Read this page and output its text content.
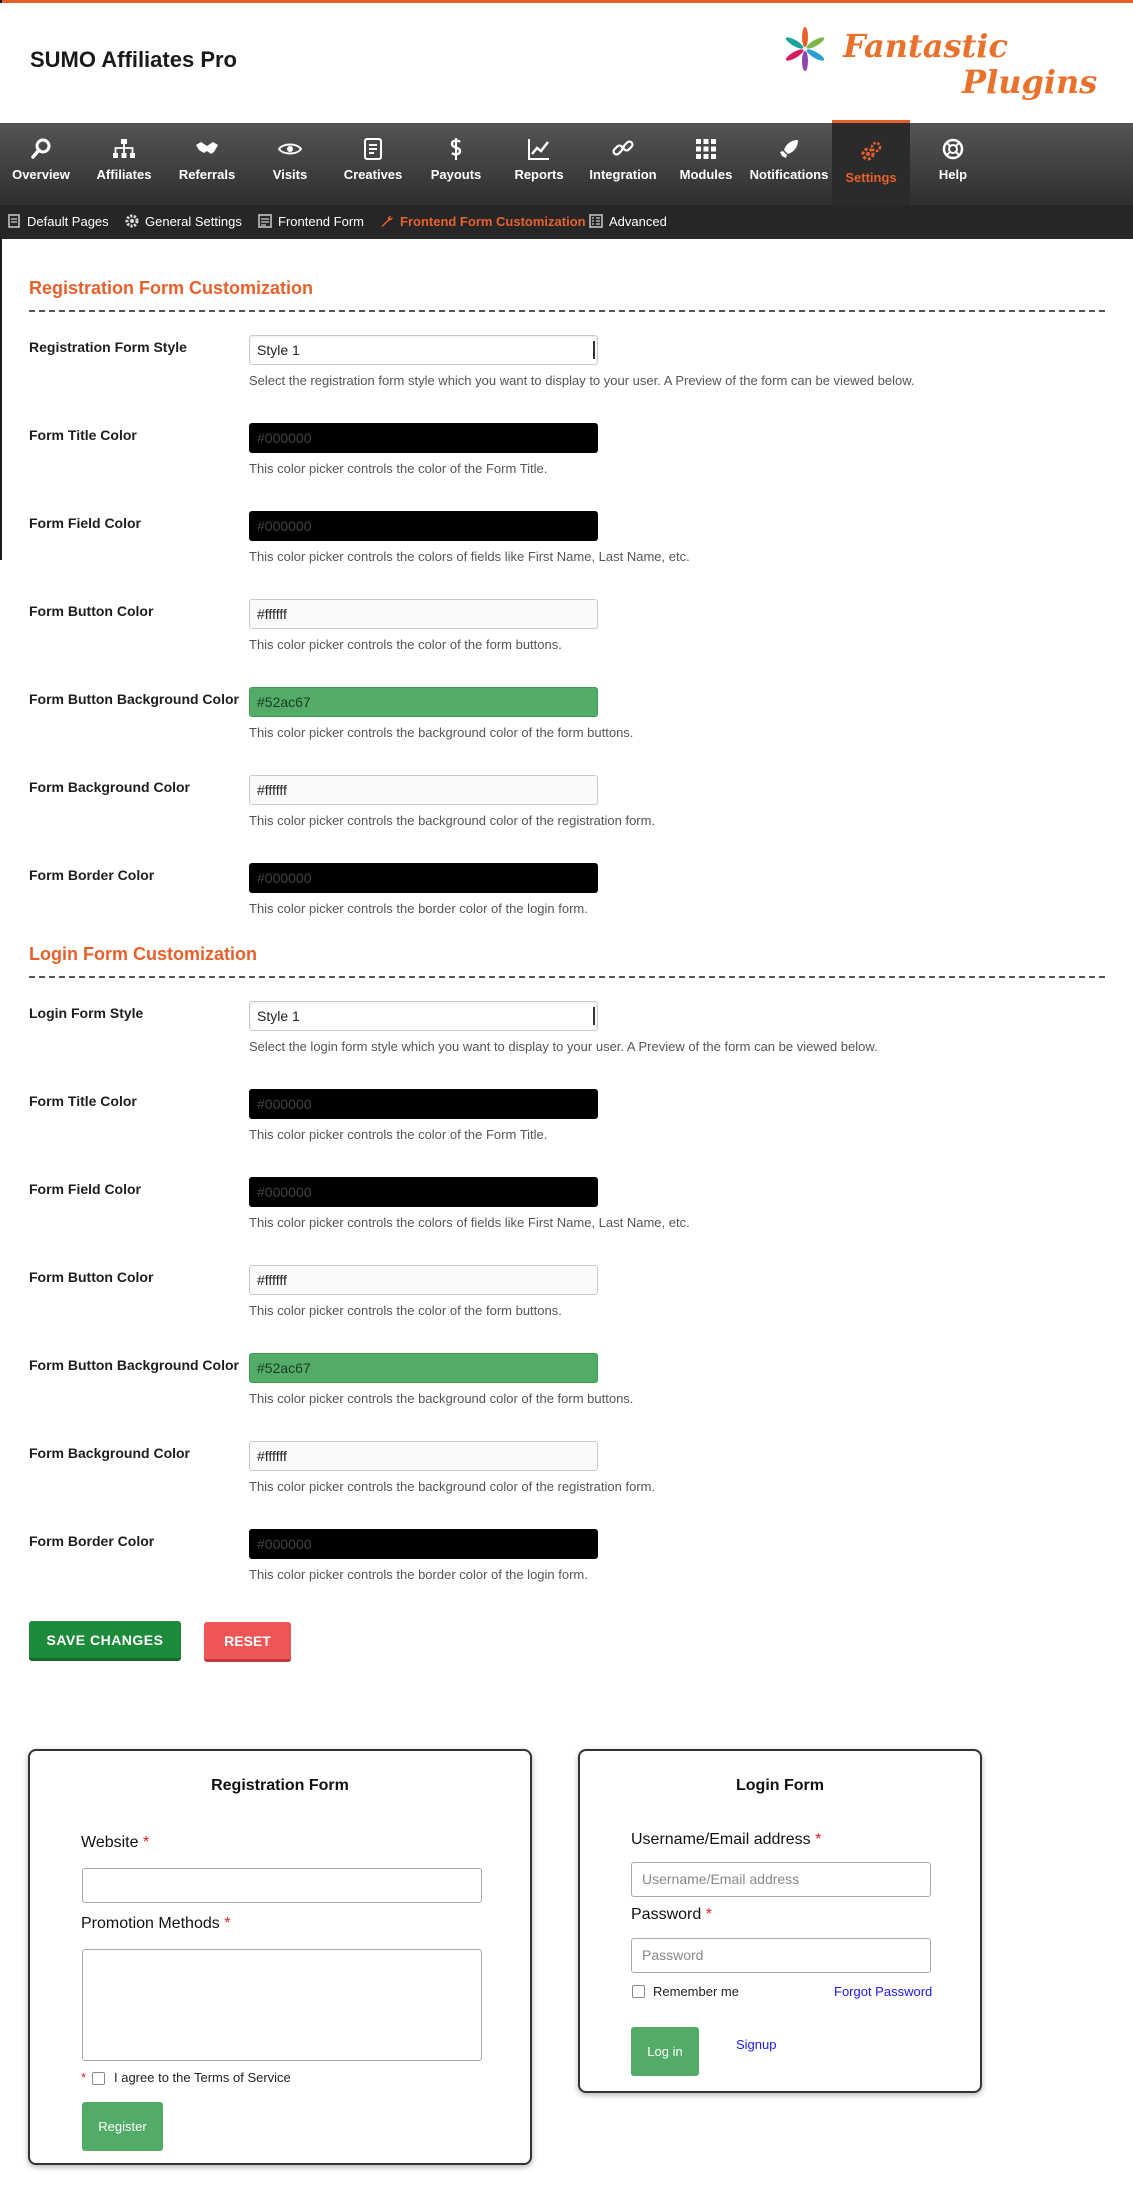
SUMO Affiliates Pro	Fantastic
Plugins
Overview	Affiliates	Referrals	Visits	Creatives	Payouts	Reports	Integration	Modules	Notifications	Settings	Help
Default Pages	General Settings	Frontend Form	Frontend Form Customization	Advanced
Registration Form Customization
Registration Form Style	Style 1
Select the registration form style which you want to display to your user. A Preview of the form can be viewed below.
Form Title Color	#000000
This color picker controls the color of the Form Title.
Form Field Color	#000000
This color picker controls the colors of fields like First Name, Last Name, etc.
Form Button Color	#ffffff
This color picker controls the color of the form buttons.
Form Button Background Color	#52ac67
This color picker controls the background color of the form buttons.
Form Background Color	#ffffff
This color picker controls the background color of the registration form.
Form Border Color	#000000
This color picker controls the border color of the login form.
Login Form Customization
Login Form Style	Style 1
Select the login form style which you want to display to your user. A Preview of the form can be viewed below.
Form Title Color	#000000
This color picker controls the color of the Form Title.
Form Field Color	#000000
This color picker controls the colors of fields like First Name, Last Name, etc.
Form Button Color	#ffffff
This color picker controls the color of the form buttons.
Form Button Background Color	#52ac67
This color picker controls the background color of the form buttons.
Form Background Color	#ffffff
This color picker controls the background color of the registration form.
Form Border Color	#000000
This color picker controls the border color of the login form.
SAVE CHANGES	RESET
Registration Form
Website *
Promotion Methods *
* I agree to the Terms of Service
Register
Login Form
Username/Email address *
Username/Email address
Password *
Password
Remember me	Forgot Password
Log in	Signup
